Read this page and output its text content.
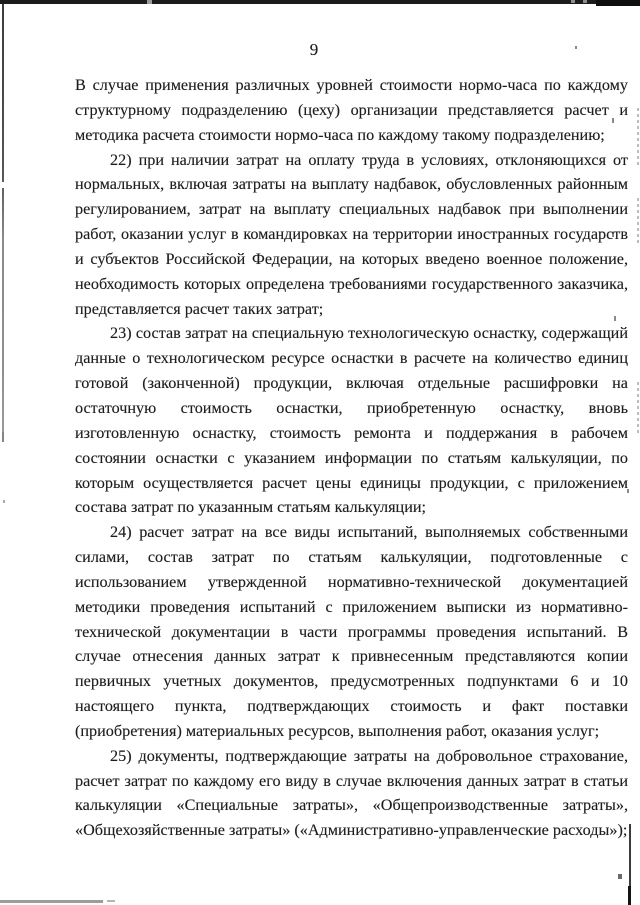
9

В случае применения различных уровней стоимости нормо-часа по каждому структурному подразделению (цеху) организации представляется расчет и методика расчета стоимости нормо-часа по каждому такому подразделению;

22) при наличии затрат на оплату труда в условиях, отклоняющихся от нормальных, включая затраты на выплату надбавок, обусловленных районным регулированием, затрат на выплату специальных надбавок при выполнении работ, оказании услуг в командировках на территории иностранных государств и субъектов Российской Федерации, на которых введено военное положение, необходимость которых определена требованиями государственного заказчика, представляется расчет таких затрат;

23) состав затрат на специальную технологическую оснастку, содержащий данные о технологическом ресурсе оснастки в расчете на количество единиц готовой (законченной) продукции, включая отдельные расшифровки на остаточную стоимость оснастки, приобретенную оснастку, вновь изготовленную оснастку, стоимость ремонта и поддержания в рабочем состоянии оснастки с указанием информации по статьям калькуляции, по которым осуществляется расчет цены единицы продукции, с приложением состава затрат по указанным статьям калькуляции;

24) расчет затрат на все виды испытаний, выполняемых собственными силами, состав затрат по статьям калькуляции, подготовленные с использованием утвержденной нормативно-технической документацией методики проведения испытаний с приложением выписки из нормативно-технической документации в части программы проведения испытаний. В случае отнесения данных затрат к привнесенным представляются копии первичных учетных документов, предусмотренных подпунктами 6 и 10 настоящего пункта, подтверждающих стоимость и факт поставки (приобретения) материальных ресурсов, выполнения работ, оказания услуг;

25) документы, подтверждающие затраты на добровольное страхование, расчет затрат по каждому его виду в случае включения данных затрат в статьи калькуляции «Специальные затраты», «Общепроизводственные затраты», «Общехозяйственные затраты» («Административно-управленческие расходы»);
